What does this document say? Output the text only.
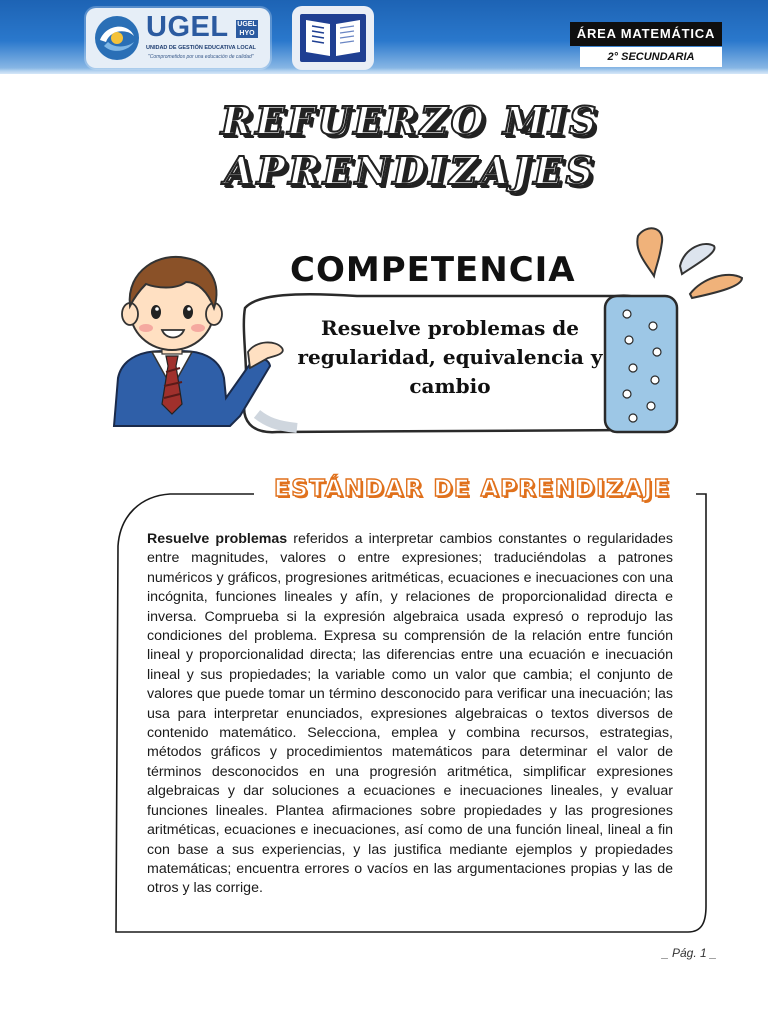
UGEL UGEL HYO
UNIDAD DE GESTIÓN EDUCATIVA LOCAL
"Comprometidos por una educación de calidad"
ÁREA MATEMÁTICA
2° SECUNDARIA
REFUERZO MIS
APRENDIZAJES
COMPETENCIA
Resuelve problemas de regularidad, equivalencia y cambio
ESTÁNDAR DE APRENDIZAJE
Resuelve problemas referidos a interpretar cambios constantes o regularidades entre magnitudes, valores o entre expresiones; traduciéndolas a patrones numéricos y gráficos, progresiones aritméticas, ecuaciones e inecuaciones con una incógnita, funciones lineales y afín, y relaciones de proporcionalidad directa e inversa. Comprueba si la expresión algebraica usada expresó o reprodujo las condiciones del problema. Expresa su comprensión de la relación entre función lineal y proporcionalidad directa; las diferencias entre una ecuación e inecuación lineal y sus propiedades; la variable como un valor que cambia; el conjunto de valores que puede tomar un término desconocido para verificar una inecuación; las usa para interpretar enunciados, expresiones algebraicas o textos diversos de contenido matemático. Selecciona, emplea y combina recursos, estrategias, métodos gráficos y procedimientos matemáticos para determinar el valor de términos desconocidos en una progresión aritmética, simplificar expresiones algebraicas y dar soluciones a ecuaciones e inecuaciones lineales, y evaluar funciones lineales. Plantea afirmaciones sobre propiedades y las progresiones aritméticas, ecuaciones e inecuaciones, así como de una función lineal, lineal a fin con base a sus experiencias, y las justifica mediante ejemplos y propiedades matemáticas; encuentra errores o vacíos en las argumentaciones propias y las de otros y las corrige.
_ Pág. 1 _
